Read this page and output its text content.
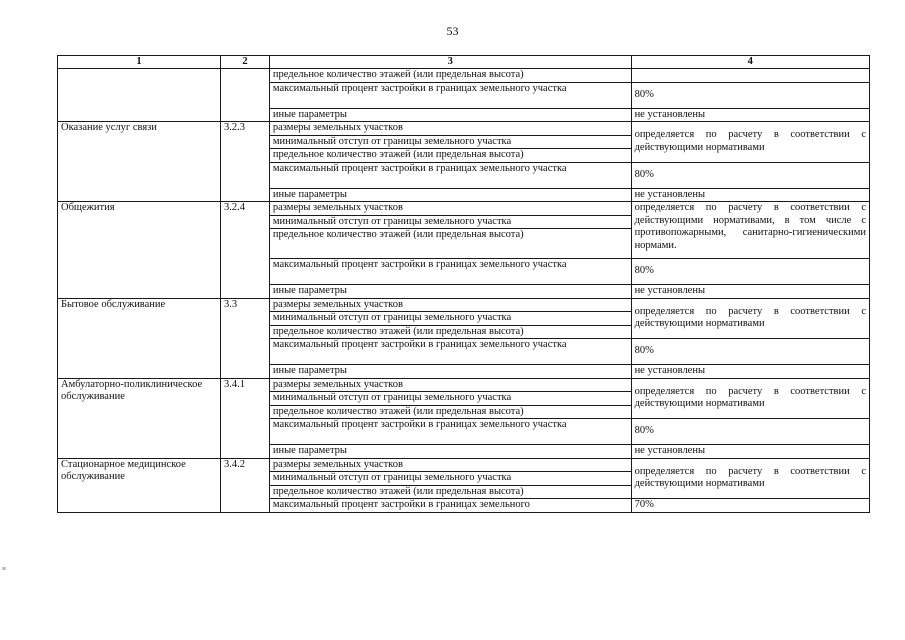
53
1	2	3	4
		предельное количество этажей (или предельная высота)	
		максимальный процент застройки в границах земельного участка	80%
		иные параметры	не установлены
Оказание услуг связи	3.2.3	размеры земельных участков	определяется по расчету в соответствии с действующими нормативами
		минимальный отступ от границы земельного участка	
		предельное количество этажей (или предельная высота)	
		максимальный процент застройки в границах земельного участка	80%
		иные параметры	не установлены
Общежития	3.2.4	размеры земельных участков	определяется по расчету в соответствии с действующими нормативами, в том числе с противопожарными, санитарно-гигиеническими нормами.
		минимальный отступ от границы земельного участка	
		предельное количество этажей (или предельная высота)	
		максимальный процент застройки в границах земельного участка	80%
		иные параметры	не установлены
Бытовое обслуживание	3.3	размеры земельных участков	определяется по расчету в соответствии с действующими нормативами
		минимальный отступ от границы земельного участка	
		предельное количество этажей (или предельная высота)	
		максимальный процент застройки в границах земельного участка	80%
		иные параметры	не установлены
Амбулаторно-поликлиническое обслуживание	3.4.1	размеры земельных участков	определяется по расчету в соответствии с действующими нормативами
		минимальный отступ от границы земельного участка	
		предельное количество этажей (или предельная высота)	
		максимальный процент застройки в границах земельного участка	80%
		иные параметры	не установлены
Стационарное медицинское обслуживание	3.4.2	размеры земельных участков	определяется по расчету в соответствии с действующими нормативами
		минимальный отступ от границы земельного участка	
		предельное количество этажей (или предельная высота)	
		максимальный процент застройки в границах земельного	70%
≡
